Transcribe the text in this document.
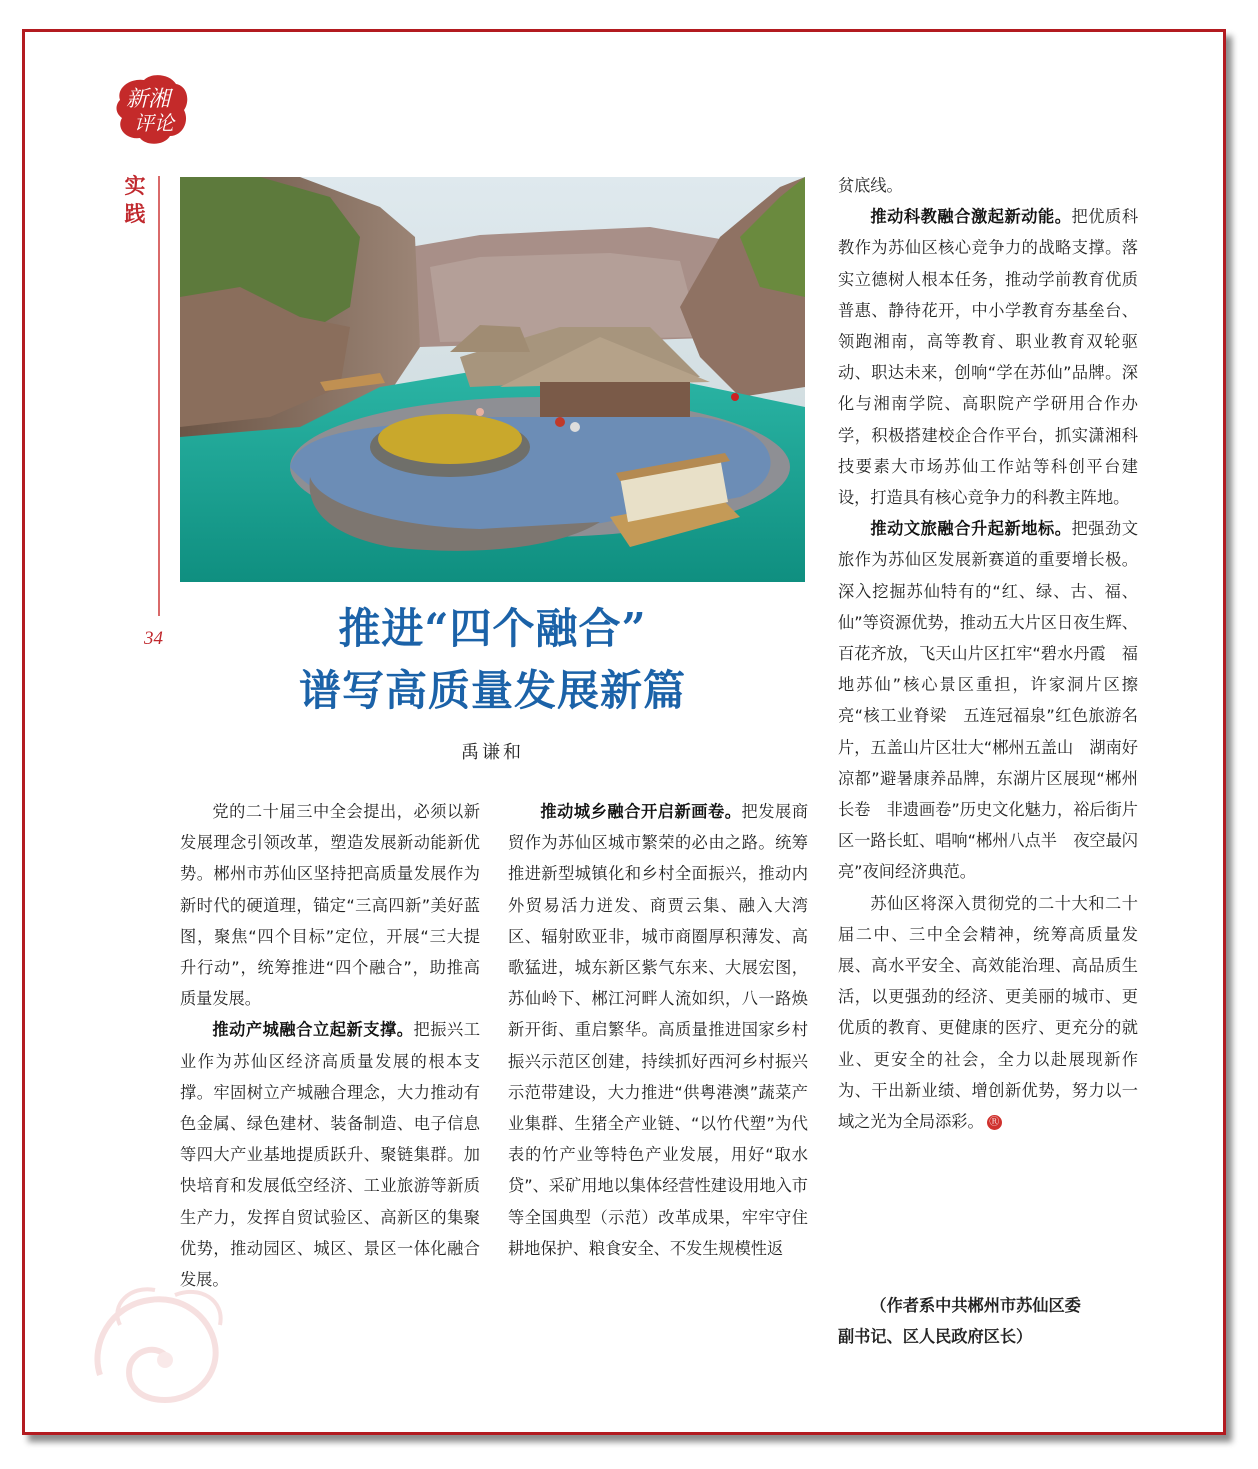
新湘
评论
实践
34	推进“四个融合”
谱写高质量发展新篇
禹谦和

党的二十届三中全会提出，必须以新发展理念引领改革，塑造发展新动能新优势。郴州市苏仙区坚持把高质量发展作为新时代的硬道理，锚定“三高四新”美好蓝图，聚焦“四个目标”定位，开展“三大提升行动”，统筹推进“四个融合”，助推高质量发展。

推动产城融合立起新支撑。把振兴工业作为苏仙区经济高质量发展的根本支撑。牢固树立产城融合理念，大力推动有色金属、绿色建材、装备制造、电子信息等四大产业基地提质跃升、聚链集群。加快培育和发展低空经济、工业旅游等新质生产力，发挥自贸试验区、高新区的集聚优势，推动园区、城区、景区一体化融合发展。

推动城乡融合开启新画卷。把发展商贸作为苏仙区城市繁荣的必由之路。统筹推进新型城镇化和乡村全面振兴，推动内外贸易活力迸发、商贾云集、融入大湾区、辐射欧亚非，城市商圈厚积薄发、高歌猛进，城东新区紫气东来、大展宏图，苏仙岭下、郴江河畔人流如织，八一路焕新开街、重启繁华。高质量推进国家乡村振兴示范区创建，持续抓好西河乡村振兴示范带建设，大力推进“供粤港澳”蔬菜产业集群、生猪全产业链、“以竹代塑”为代表的竹产业等特色产业发展，用好“取水贷”、采矿用地以集体经营性建设用地入市等全国典型（示范）改革成果，牢牢守住耕地保护、粮食安全、不发生规模性返

贫底线。

推动科教融合激起新动能。把优质科教作为苏仙区核心竞争力的战略支撑。落实立德树人根本任务，推动学前教育优质普惠、静待花开，中小学教育夯基垒台、领跑湘南，高等教育、职业教育双轮驱动、职达未来，创响“学在苏仙”品牌。深化与湘南学院、高职院产学研用合作办学，积极搭建校企合作平台，抓实潇湘科技要素大市场苏仙工作站等科创平台建设，打造具有核心竞争力的科教主阵地。

推动文旅融合升起新地标。把强劲文旅作为苏仙区发展新赛道的重要增长极。深入挖掘苏仙特有的“红、绿、古、福、仙”等资源优势，推动五大片区日夜生辉、百花齐放，飞天山片区扛牢“碧水丹霞　福地苏仙”核心景区重担，许家洞片区擦亮“核工业脊梁　五连冠福泉”红色旅游名片，五盖山片区壮大“郴州五盖山　湖南好凉都”避暑康养品牌，东湖片区展现“郴州长卷　非遗画卷”历史文化魅力，裕后街片区一路长虹、唱响“郴州八点半　夜空最闪亮”夜间经济典范。

苏仙区将深入贯彻党的二十大和二十届二中、三中全会精神，统筹高质量发展、高水平安全、高效能治理、高品质生活，以更强劲的经济、更美丽的城市、更优质的教育、更健康的医疗、更充分的就业、更安全的社会，全力以赴展现新作为、干出新业绩、增创新优势，努力以一域之光为全局添彩。 Ⓡ

（作者系中共郴州市苏仙区委
副书记、区人民政府区长）
